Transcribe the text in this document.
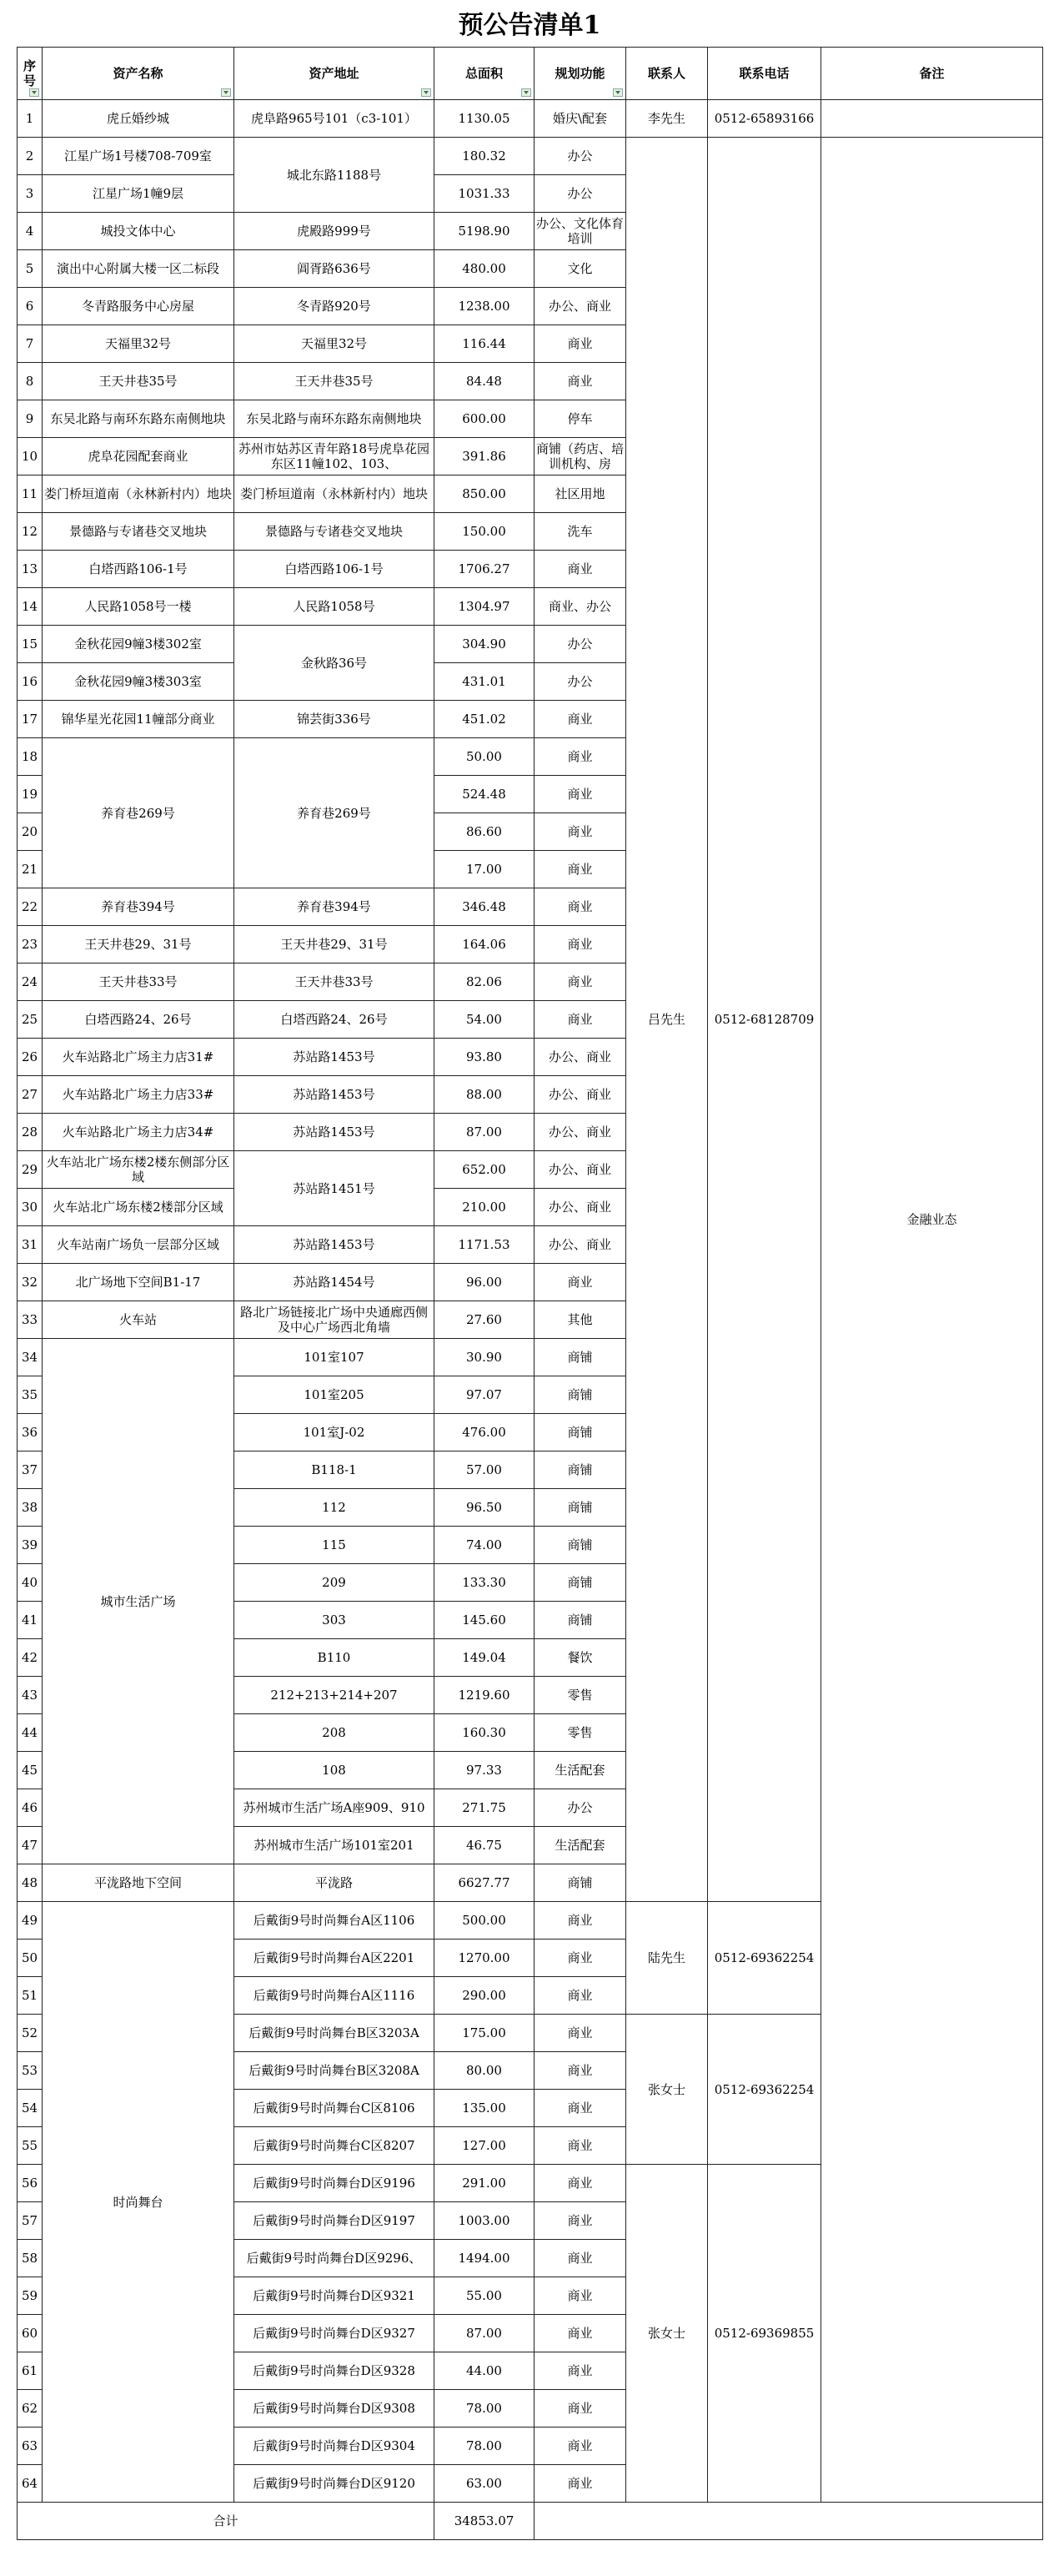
预公告清单1
序号	资产名称	资产地址	总面积	规划功能	联系人	联系电话	备注
1	虎丘婚纱城	虎阜路965号101（c3-101）	1130.05	婚庆\配套	李先生	0512-65893166	
2	江星广场1号楼708-709室	城北东路1188号	180.32	办公	吕先生	0512-68128709	金融业态

3	江星广场1幢9层		1031.33	办公			
4	城投文体中心	虎殿路999号	5198.90	办公、文化体育培训			
5	演出中心附属大楼一区二标段	阊胥路636号	480.00	文化			
6	冬青路服务中心房屋	冬青路920号	1238.00	办公、商业			
7	天福里32号	天福里32号	116.44	商业			
8	王天井巷35号	王天井巷35号	84.48	商业			
9	东吴北路与南环东路东南侧地块	东吴北路与南环东路东南侧地块	600.00	停车			
10	虎阜花园配套商业	苏州市姑苏区青年路18号虎阜花园东区11幢102、103、	391.86	商铺（药店、培训机构、房			
11	娄门桥垣道南（永林新村内）地块	娄门桥垣道南（永林新村内）地块	850.00	社区用地			
12	景德路与专诸巷交叉地块	景德路与专诸巷交叉地块	150.00	洗车			
13	白塔西路106-1号	白塔西路106-1号	1706.27	商业			
14	人民路1058号一楼	人民路1058号	1304.97	商业、办公			
15	金秋花园9幢3楼302室	金秋路36号	304.90	办公			
16	金秋花园9幢3楼303室		431.01	办公			
17	锦华星光花园11幢部分商业	锦芸街336号	451.02	商业			
18	养育巷269号	养育巷269号	50.00	商业			
19			524.48	商业			
20			86.60	商业			
21			17.00	商业			
22	养育巷394号	养育巷394号	346.48	商业			
23	王天井巷29、31号	王天井巷29、31号	164.06	商业			
24	王天井巷33号	王天井巷33号	82.06	商业			
25	白塔西路24、26号	白塔西路24、26号	54.00	商业			
26	火车站路北广场主力店31#	苏站路1453号	93.80	办公、商业			
27	火车站路北广场主力店33#	苏站路1453号	88.00	办公、商业			
28	火车站路北广场主力店34#	苏站路1453号	87.00	办公、商业			
29	火车站北广场东楼2楼东侧部分区域	苏站路1451号	652.00	办公、商业			
30	火车站北广场东楼2楼部分区域		210.00	办公、商业			
31	火车站南广场负一层部分区域	苏站路1453号	1171.53	办公、商业			
32	北广场地下空间B1-17	苏站路1454号	96.00	商业			
33	火车站	路北广场链接北广场中央通廊西侧及中心广场西北角墙	27.60	其他			
34	城市生活广场	101室107	30.90	商铺			
35		101室205	97.07	商铺			
36		101室J-02	476.00	商铺			
37		B118-1	57.00	商铺			
38		112	96.50	商铺			
39		115	74.00	商铺			
40		209	133.30	商铺			
41		303	145.60	商铺			
42		B110	149.04	餐饮			
43		212+213+214+207	1219.60	零售			
44		208	160.30	零售			
45		108	97.33	生活配套			
46		苏州城市生活广场A座909、910	271.75	办公			
47		苏州城市生活广场101室201	46.75	生活配套			
48	平泷路地下空间	平泷路	6627.77	商铺			
49	时尚舞台	后戴街9号时尚舞台A区1106	500.00	商业	陆先生	0512-69362254	
50		后戴街9号时尚舞台A区2201	1270.00	商业			
51		后戴街9号时尚舞台A区1116	290.00	商业			
52		后戴街9号时尚舞台B区3203A	175.00	商业	张女士	0512-69362254	
53		后戴街9号时尚舞台B区3208A	80.00	商业			
54		后戴街9号时尚舞台C区8106	135.00	商业			
55		后戴街9号时尚舞台C区8207	127.00	商业			
56		后戴街9号时尚舞台D区9196	291.00	商业	张女士	0512-69369855	
57		后戴街9号时尚舞台D区9197	1003.00	商业			
58		后戴街9号时尚舞台D区9296、	1494.00	商业			
59		后戴街9号时尚舞台D区9321	55.00	商业			
60		后戴街9号时尚舞台D区9327	87.00	商业			
61		后戴街9号时尚舞台D区9328	44.00	商业			
62		后戴街9号时尚舞台D区9308	78.00	商业			
63		后戴街9号时尚舞台D区9304	78.00	商业			
64		后戴街9号时尚舞台D区9120	63.00	商业			
合计			34853.07				
